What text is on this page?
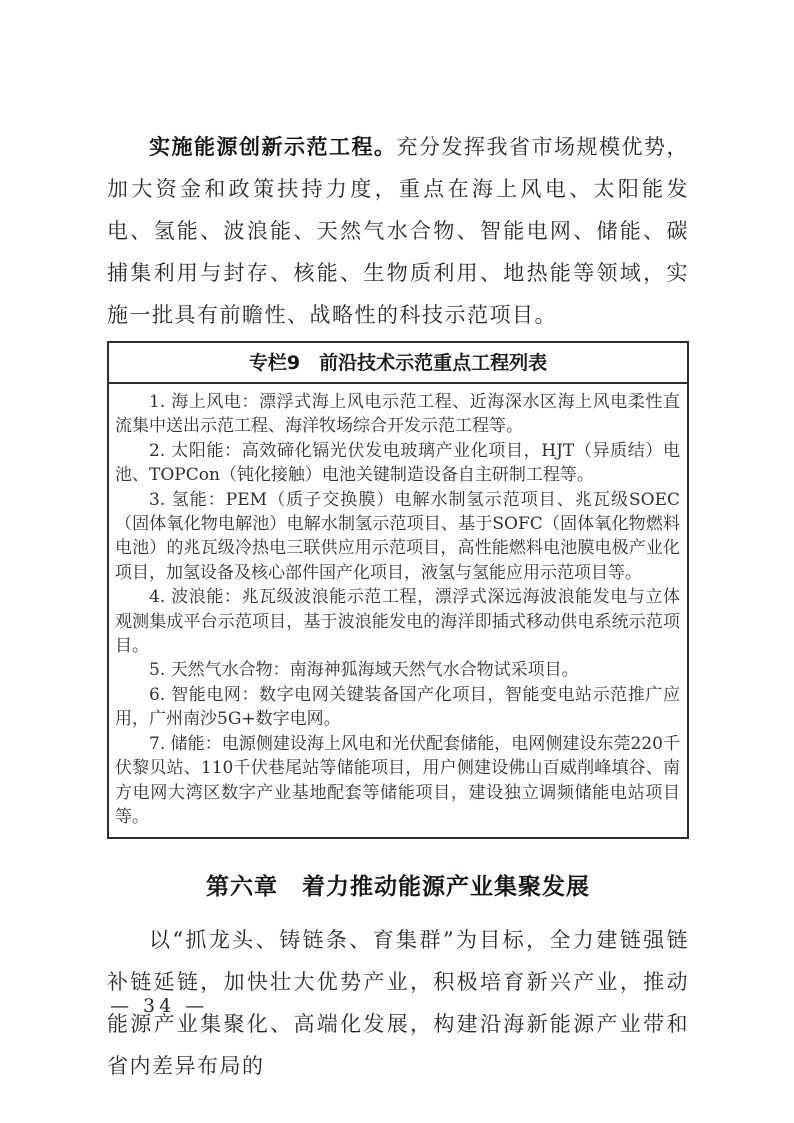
实施能源创新示范工程。充分发挥我省市场规模优势，加大资金和政策扶持力度，重点在海上风电、太阳能发电、氢能、波浪能、天然气水合物、智能电网、储能、碳捕集利用与封存、核能、生物质利用、地热能等领域，实施一批具有前瞻性、战略性的科技示范项目。

专栏9　前沿技术示范重点工程列表

1. 海上风电：漂浮式海上风电示范工程、近海深水区海上风电柔性直流集中送出示范工程、海洋牧场综合开发示范工程等。

2. 太阳能：高效碲化镉光伏发电玻璃产业化项目，HJT（异质结）电池、TOPCon（钝化接触）电池关键制造设备自主研制工程等。

3. 氢能：PEM（质子交换膜）电解水制氢示范项目、兆瓦级SOEC（固体氧化物电解池）电解水制氢示范项目、基于SOFC（固体氧化物燃料电池）的兆瓦级冷热电三联供应用示范项目，高性能燃料电池膜电极产业化项目，加氢设备及核心部件国产化项目，液氢与氢能应用示范项目等。

4. 波浪能：兆瓦级波浪能示范工程，漂浮式深远海波浪能发电与立体观测集成平台示范项目，基于波浪能发电的海洋即插式移动供电系统示范项目。

5. 天然气水合物：南海神狐海域天然气水合物试采项目。

6. 智能电网：数字电网关键装备国产化项目，智能变电站示范推广应用，广州南沙5G+数字电网。

7. 储能：电源侧建设海上风电和光伏配套储能，电网侧建设东莞220千伏黎贝站、110千伏巷尾站等储能项目，用户侧建设佛山百威削峰填谷、南方电网大湾区数字产业基地配套等储能项目，建设独立调频储能电站项目等。

第六章　着力推动能源产业集聚发展

以“抓龙头、铸链条、育集群”为目标，全力建链强链补链延链，加快壮大优势产业，积极培育新兴产业，推动能源产业集聚化、高端化发展，构建沿海新能源产业带和省内差异布局的

— 34 —
